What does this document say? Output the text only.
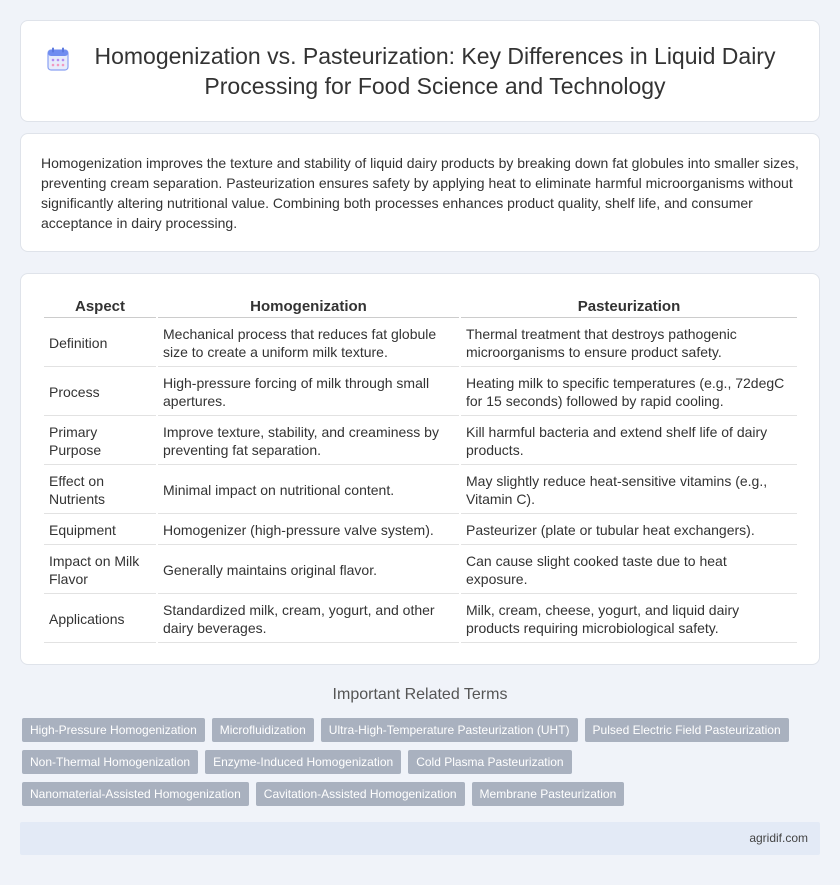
Homogenization vs. Pasteurization: Key Differences in Liquid Dairy Processing for Food Science and Technology

Homogenization improves the texture and stability of liquid dairy products by breaking down fat globules into smaller sizes, preventing cream separation. Pasteurization ensures safety by applying heat to eliminate harmful microorganisms without significantly altering nutritional value. Combining both processes enhances product quality, shelf life, and consumer acceptance in dairy processing.

Aspect	Homogenization	Pasteurization
Definition	Mechanical process that reduces fat globule size to create a uniform milk texture.	Thermal treatment that destroys pathogenic microorganisms to ensure product safety.
Process	High-pressure forcing of milk through small apertures.	Heating milk to specific temperatures (e.g., 72degC for 15 seconds) followed by rapid cooling.
Primary Purpose	Improve texture, stability, and creaminess by preventing fat separation.	Kill harmful bacteria and extend shelf life of dairy products.
Effect on Nutrients	Minimal impact on nutritional content.	May slightly reduce heat-sensitive vitamins (e.g., Vitamin C).
Equipment	Homogenizer (high-pressure valve system).	Pasteurizer (plate or tubular heat exchangers).
Impact on Milk Flavor	Generally maintains original flavor.	Can cause slight cooked taste due to heat exposure.
Applications	Standardized milk, cream, yogurt, and other dairy beverages.	Milk, cream, cheese, yogurt, and liquid dairy products requiring microbiological safety.
Important Related Terms
High-Pressure Homogenization	Microfluidization	Ultra-High-Temperature Pasteurization (UHT)	Pulsed Electric Field Pasteurization
Non-Thermal Homogenization	Enzyme-Induced Homogenization	Cold Plasma Pasteurization
Nanomaterial-Assisted Homogenization	Cavitation-Assisted Homogenization	Membrane Pasteurization
agridif.com
